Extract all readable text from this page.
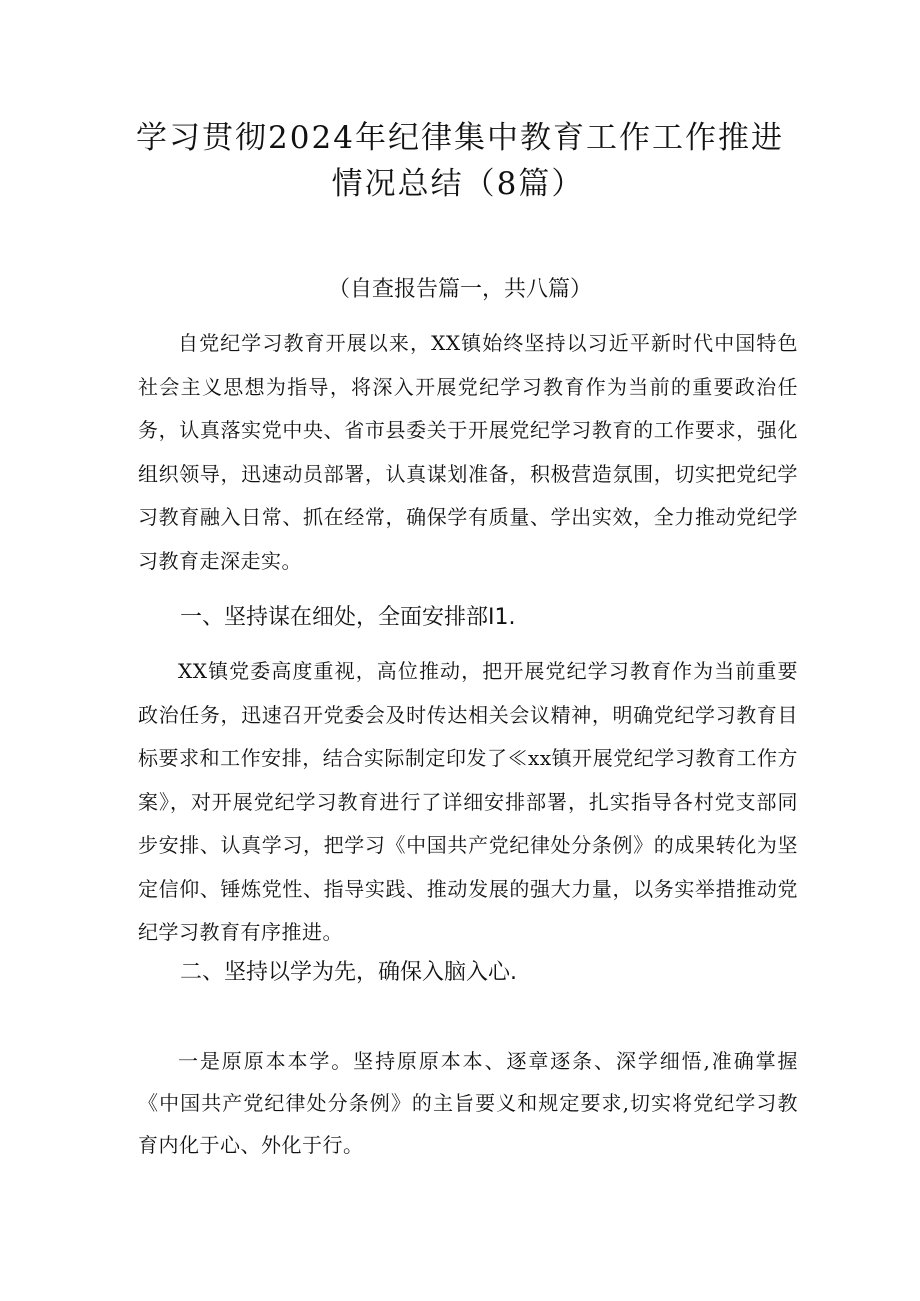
学习贯彻2024年纪律集中教育工作工作推进
情况总结（8篇）

（自查报告篇一，共八篇）

自党纪学习教育开展以来，XX镇始终坚持以习近平新时代中国特色社会主义思想为指导，将深入开展党纪学习教育作为当前的重要政治任务，认真落实党中央、省市县委关于开展党纪学习教育的工作要求，强化组织领导，迅速动员部署，认真谋划准备，积极营造氛围，切实把党纪学习教育融入日常、抓在经常，确保学有质量、学出实效，全力推动党纪学习教育走深走实。

一、坚持谋在细处，全面安排部I1.

XX镇党委高度重视，高位推动，把开展党纪学习教育作为当前重要政治任务，迅速召开党委会及时传达相关会议精神，明确党纪学习教育目标要求和工作安排，结合实际制定印发了≪xx镇开展党纪学习教育工作方案》，对开展党纪学习教育进行了详细安排部署，扎实指导各村党支部同步安排、认真学习，把学习《中国共产党纪律处分条例》的成果转化为坚定信仰、锤炼党性、指导实践、推动发展的强大力量，以务实举措推动党纪学习教育有序推进。

二、坚持以学为先，确保入脑入心.

一是原原本本学。坚持原原本本、逐章逐条、深学细悟,准确掌握《中国共产党纪律处分条例》的主旨要义和规定要求,切实将党纪学习教育内化于心、外化于行。
